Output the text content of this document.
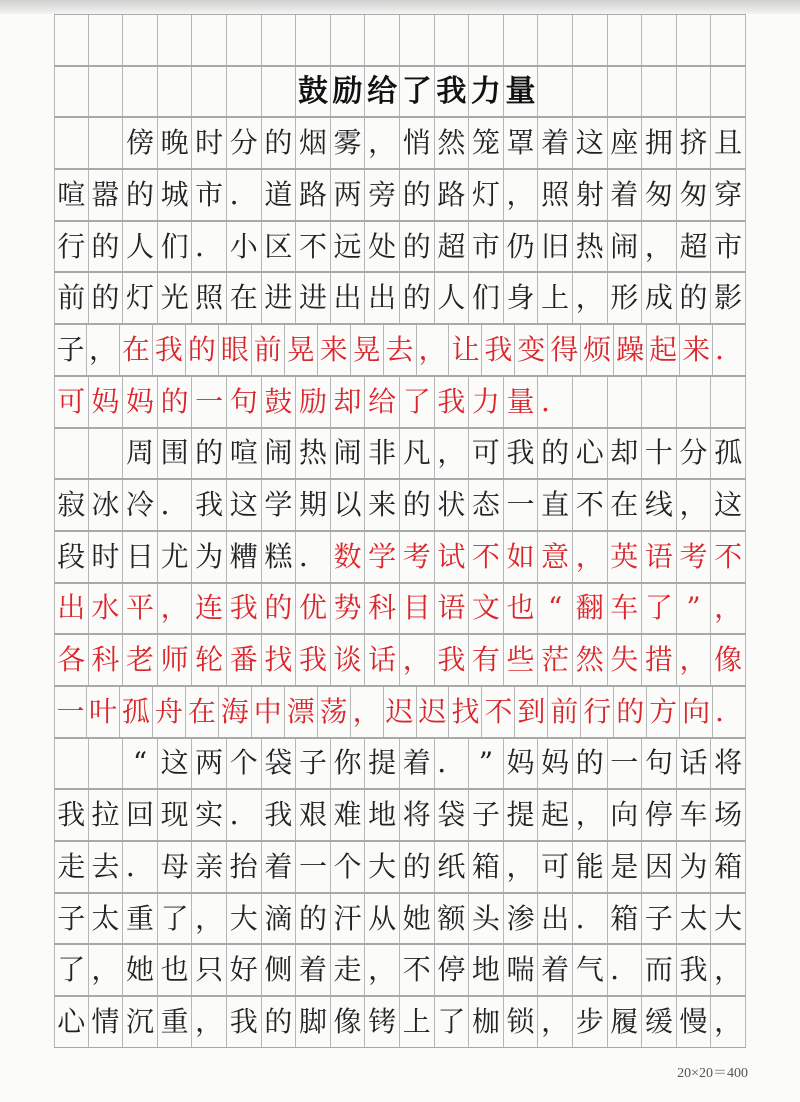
鼓 励 给 了 我 力 量
傍 晚 时 分 的 烟 雾 ， 悄 然 笼 罩 着 这 座 拥 挤 且
喧 嚣 的 城 市 ． 道 路 两 旁 的 路 灯 ， 照 射 着 匆 匆 穿
行 的 人 们 ． 小 区 不 远 处 的 超 市 仍 旧 热 闹 ， 超 市
前 的 灯 光 照 在 进 进 出 出 的 人 们 身 上 ， 形 成 的 影
子 ， 在 我 的 眼 前 晃 来 晃 去 ， 让 我 变 得 烦 躁 起 来 ．
可 妈 妈 的 一 句 鼓 励 却 给 了 我 力 量 ．
周 围 的 喧 闹 热 闹 非 凡 ， 可 我 的 心 却 十 分 孤
寂 冰 冷 ． 我 这 学 期 以 来 的 状 态 一 直 不 在 线 ， 这
段 时 日 尤 为 糟 糕 ． 数 学 考 试 不 如 意 ， 英 语 考 不
出 水 平 ， 连 我 的 优 势 科 目 语 文 也 “ 翻 车 了 ” ，
各 科 老 师 轮 番 找 我 谈 话 ， 我 有 些 茫 然 失 措 ， 像
一 叶 孤 舟 在 海 中 漂 荡 ， 迟 迟 找 不 到 前 行 的 方 向 ．
“ 这 两 个 袋 子 你 提 着 ． ” 妈 妈 的 一 句 话 将
我 拉 回 现 实 ． 我 艰 难 地 将 袋 子 提 起 ， 向 停 车 场
走 去 ． 母 亲 抬 着 一 个 大 的 纸 箱 ， 可 能 是 因 为 箱
子 太 重 了 ， 大 滴 的 汗 从 她 额 头 渗 出 ． 箱 子 太 大
了 ， 她 也 只 好 侧 着 走 ， 不 停 地 喘 着 气 ． 而 我 ，
心 情 沉 重 ， 我 的 脚 像 铐 上 了 枷 锁 ， 步 履 缓 慢 ，
20×20＝400
